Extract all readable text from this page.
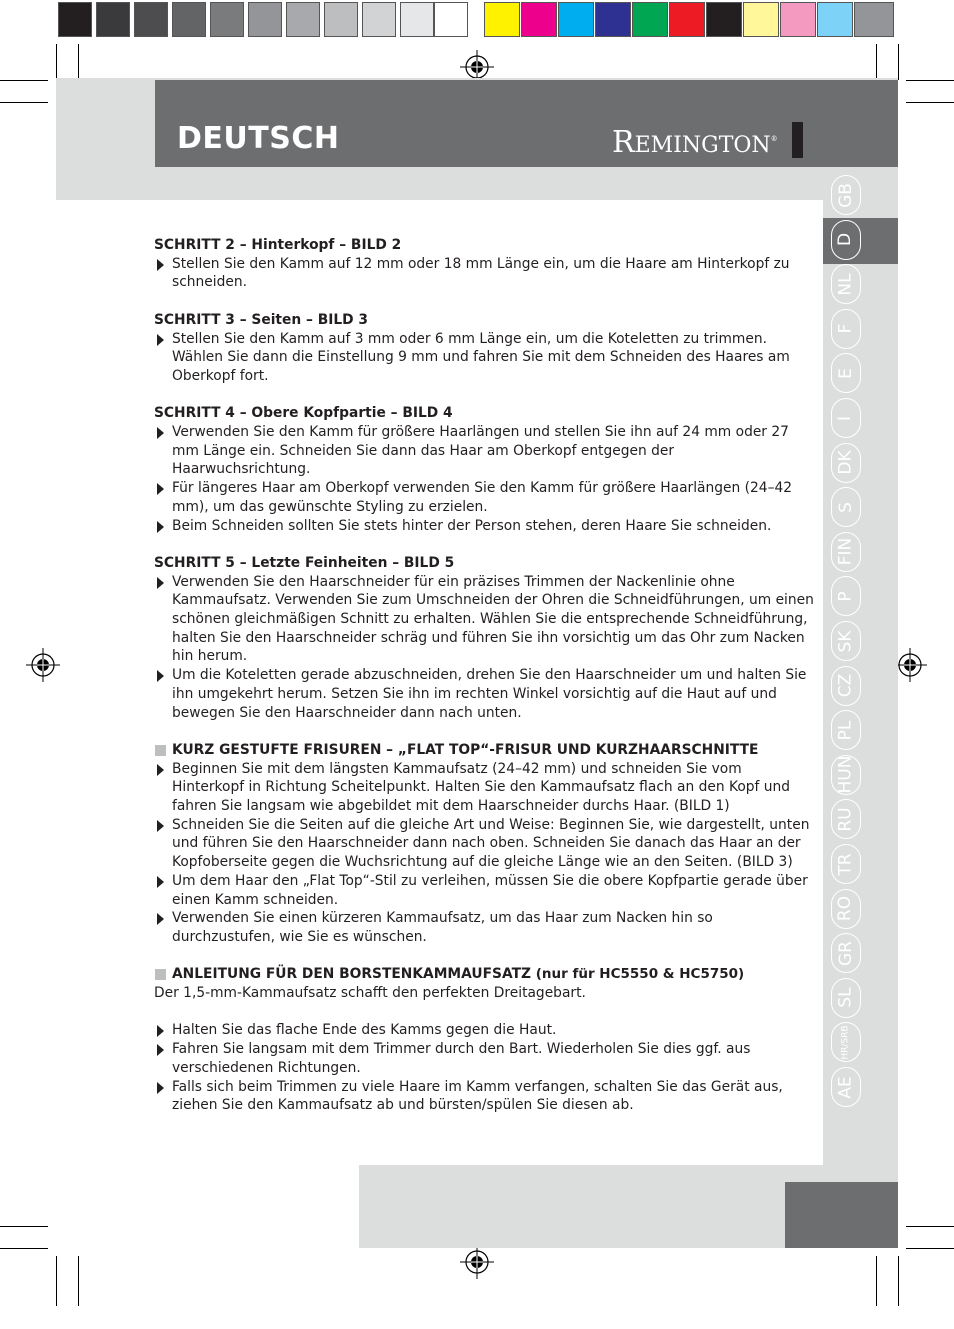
DEUTSCH	REMINGTON®
GB
D
NL
F
E
I
DK
S
FIN
P
SK
CZ
PL
HUN
RU
TR
RO
GR
SL
HR/SRB
AE

SCHRITT 2 – Hinterkopf – BILD 2

Stellen Sie den Kamm auf 12 mm oder 18 mm Länge ein, um die Haare am Hinterkopf zu schneiden.

SCHRITT 3 – Seiten – BILD 3

Stellen Sie den Kamm auf 3 mm oder 6 mm Länge ein, um die Koteletten zu trimmen. Wählen Sie dann die Einstellung 9 mm und fahren Sie mit dem Schneiden des Haares am Oberkopf fort.

SCHRITT 4 – Obere Kopfpartie – BILD 4

Verwenden Sie den Kamm für größere Haarlängen und stellen Sie ihn auf 24 mm oder 27 mm Länge ein. Schneiden Sie dann das Haar am Oberkopf entgegen der Haarwuchsrichtung.

Für längeres Haar am Oberkopf verwenden Sie den Kamm für größere Haarlängen (24–42 mm), um das gewünschte Styling zu erzielen.

Beim Schneiden sollten Sie stets hinter der Person stehen, deren Haare Sie schneiden.

SCHRITT 5 – Letzte Feinheiten – BILD 5

Verwenden Sie den Haarschneider für ein präzises Trimmen der Nackenlinie ohne Kammaufsatz. Verwenden Sie zum Umschneiden der Ohren die Schneidführungen, um einen schönen gleichmäßigen Schnitt zu erhalten. Wählen Sie die entsprechende Schneidführung, halten Sie den Haarschneider schräg und führen Sie ihn vorsichtig um das Ohr zum Nacken hin herum.

Um die Koteletten gerade abzuschneiden, drehen Sie den Haarschneider um und halten Sie ihn umgekehrt herum. Setzen Sie ihn im rechten Winkel vorsichtig auf die Haut auf und bewegen Sie den Haarschneider dann nach unten.

KURZ GESTUFTE FRISUREN – „FLAT TOP“-FRISUR UND KURZHAARSCHNITTE

Beginnen Sie mit dem längsten Kammaufsatz (24–42 mm) und schneiden Sie vom Hinterkopf in Richtung Scheitelpunkt. Halten Sie den Kammaufsatz flach an den Kopf und fahren Sie langsam wie abgebildet mit dem Haarschneider durchs Haar. (BILD 1)

Schneiden Sie die Seiten auf die gleiche Art und Weise: Beginnen Sie, wie dargestellt, unten und führen Sie den Haarschneider dann nach oben. Schneiden Sie danach das Haar an der Kopfoberseite gegen die Wuchsrichtung auf die gleiche Länge wie an den Seiten. (BILD 3)

Um dem Haar den „Flat Top“-Stil zu verleihen, müssen Sie die obere Kopfpartie gerade über einen Kamm schneiden.

Verwenden Sie einen kürzeren Kammaufsatz, um das Haar zum Nacken hin so durchzustufen, wie Sie es wünschen.

ANLEITUNG FÜR DEN BORSTENKAMMAUFSATZ (nur für HC5550 & HC5750)

Der 1,5-mm-Kammaufsatz schafft den perfekten Dreitagebart.

Halten Sie das flache Ende des Kamms gegen die Haut.

Fahren Sie langsam mit dem Trimmer durch den Bart. Wiederholen Sie dies ggf. aus verschiedenen Richtungen.

Falls sich beim Trimmen zu viele Haare im Kamm verfangen, schalten Sie das Gerät aus, ziehen Sie den Kammaufsatz ab und bürsten/spülen Sie diesen ab.
